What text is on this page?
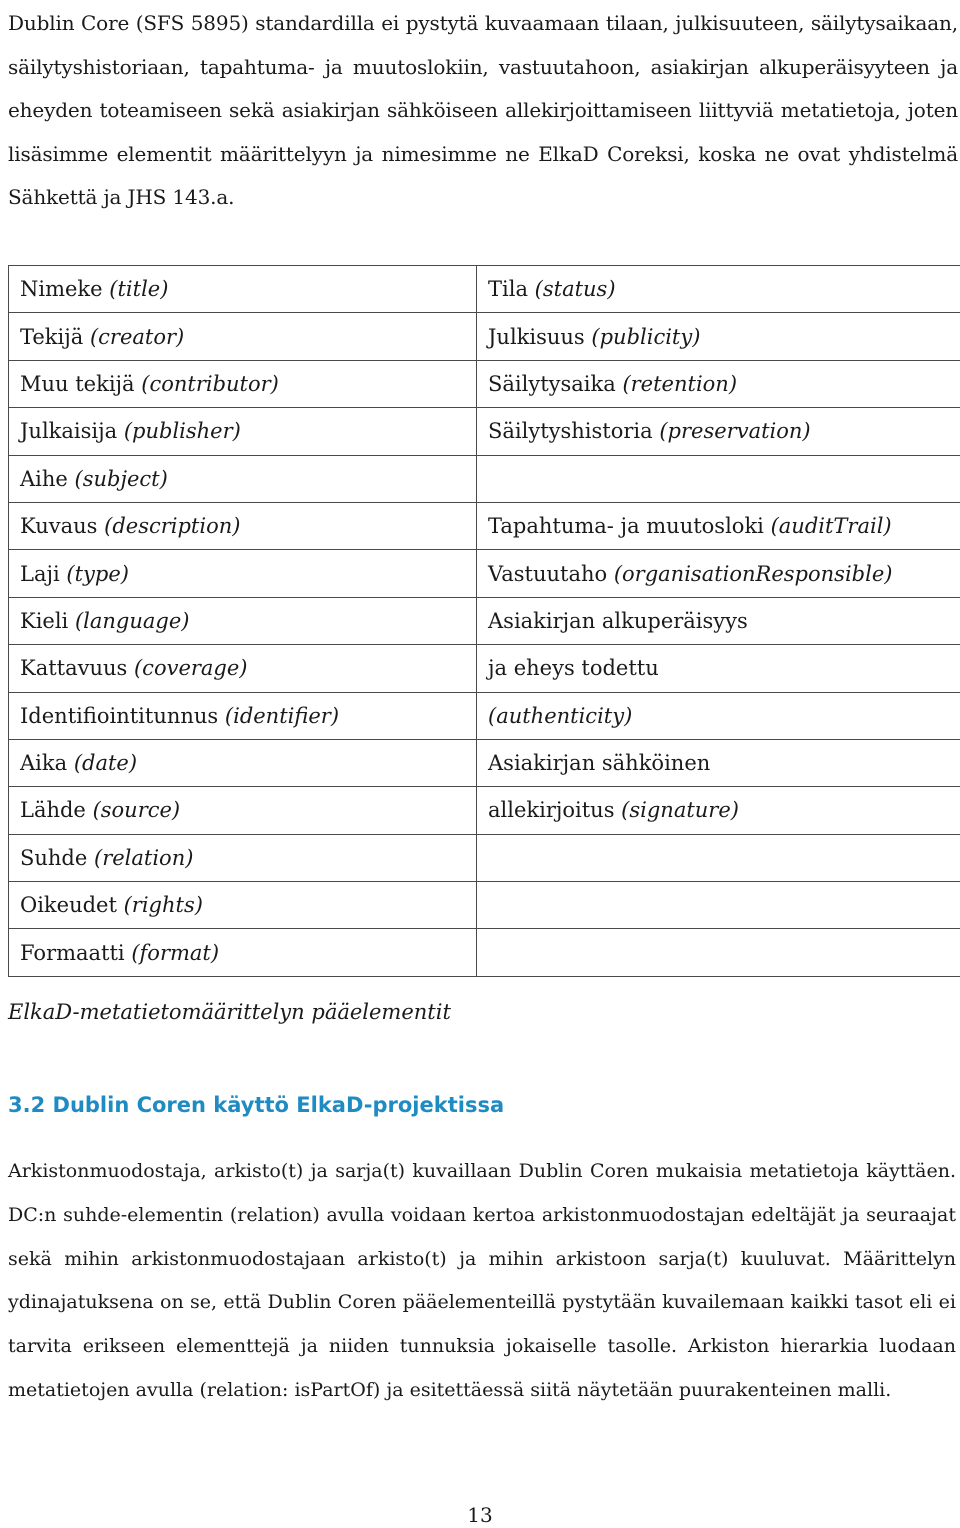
Dublin Core (SFS 5895) standardilla ei pystytä kuvaamaan tilaan, julkisuuteen, säilytysaikaan, säilytyshistoriaan, tapahtuma- ja muutoslokiin, vastuutahoon, asiakirjan alkuperäisyyteen ja eheyden toteamiseen sekä asiakirjan sähköiseen allekirjoittamiseen liittyviä metatietoja, joten lisäsimme elementit määrittelyyn ja nimesimme ne ElkaD Coreksi, koska ne ovat yhdistelmä Sähkettä ja JHS 143.a.

Nimeke (title)	Tila (status)
Tekijä (creator)	Julkisuus (publicity)
Muu tekijä (contributor)	Säilytysaika (retention)
Julkaisija (publisher)	Säilytyshistoria (preservation)
Aihe (subject)	
Kuvaus (description)	Tapahtuma- ja muutosloki (auditTrail)
Laji (type)	Vastuutaho (organisationResponsible)
Kieli (language)	Asiakirjan alkuperäisyys
Kattavuus (coverage)	ja eheys todettu
Identifiointitunnus (identifier)	(authenticity)
Aika (date)	Asiakirjan sähköinen
Lähde (source)	allekirjoitus (signature)
Suhde (relation)	
Oikeudet (rights)	
Formaatti (format)	

ElkaD-metatietomäärittelyn pääelementit

3.2 Dublin Coren käyttö ElkaD-projektissa

Arkistonmuodostaja, arkisto(t) ja sarja(t) kuvaillaan Dublin Coren mukaisia metatietoja käyttäen. DC:n suhde-elementin (relation) avulla voidaan kertoa arkistonmuodostajan edeltäjät ja seuraajat sekä mihin arkistonmuodostajaan arkisto(t) ja mihin arkistoon sarja(t) kuuluvat. Määrittelyn ydinajatuksena on se, että Dublin Coren pääelementeillä pystytään kuvailemaan kaikki tasot eli ei tarvita erikseen elementtejä ja niiden tunnuksia jokaiselle tasolle. Arkiston hierarkia luodaan metatietojen avulla (relation: isPartOf) ja esitettäessä siitä näytetään puurakenteinen malli.

13
